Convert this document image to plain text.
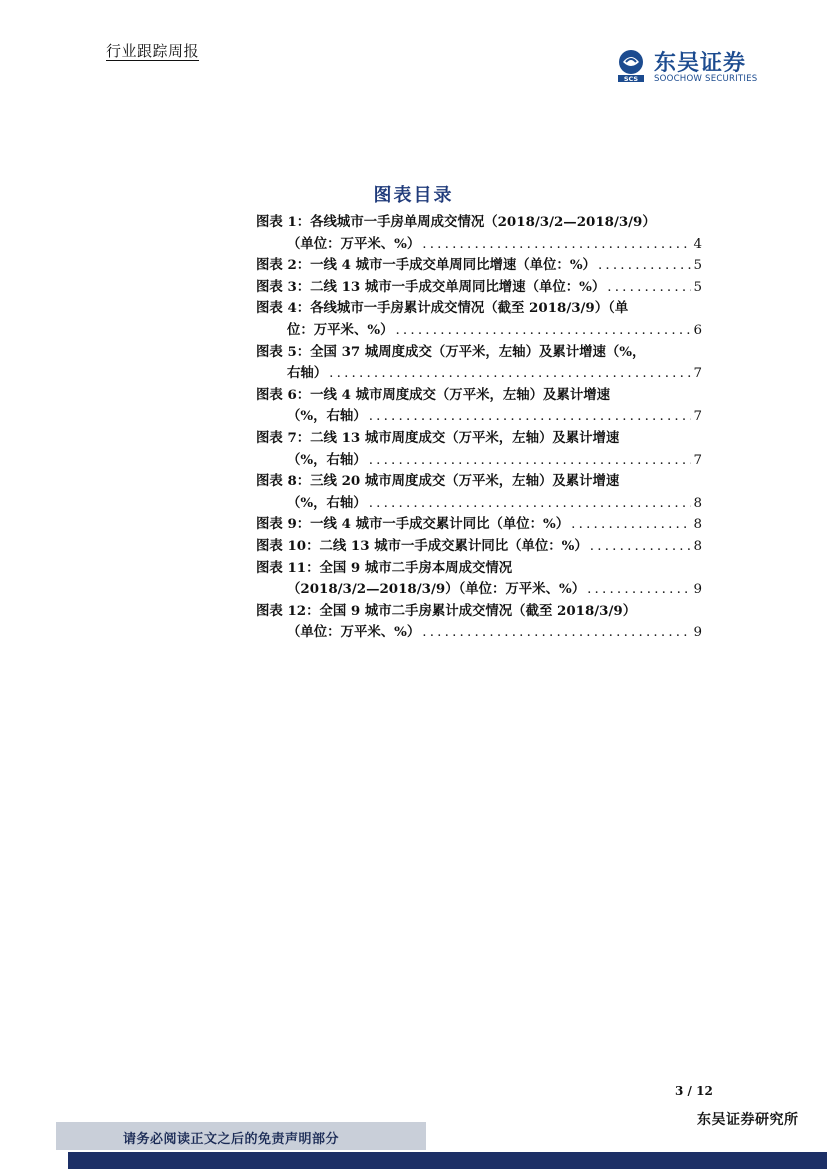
行业跟踪周报
SCS
东吴证券
SOOCHOW SECURITIES
图表目录
图表 1：各线城市一手房单周成交情况（2018/3/2—2018/3/9）
（单位：万平米、%） .....	4
图表 2：一线 4 城市一手成交单周同比增速（单位：%） .....	5
图表 3：二线 13 城市一手成交单周同比增速（单位：%） .....	5
图表 4：各线城市一手房累计成交情况（截至 2018/3/9）（单
位：万平米、%） .....	6
图表 5：全国 37 城周度成交（万平米，左轴）及累计增速（%，
右轴） .....	7
图表 6：一线 4 城市周度成交（万平米，左轴）及累计增速
（%，右轴） .....	7
图表 7：二线 13 城市周度成交（万平米，左轴）及累计增速
（%，右轴） .....	7
图表 8：三线 20 城市周度成交（万平米，左轴）及累计增速
（%，右轴） .....	8
图表 9：一线 4 城市一手成交累计同比（单位：%） .....	8
图表 10：二线 13 城市一手成交累计同比（单位：%） .....	8
图表 11：全国 9 城市二手房本周成交情况
（2018/3/2—2018/3/9）（单位：万平米、%） .....	9
图表 12：全国 9 城市二手房累计成交情况（截至 2018/3/9）
（单位：万平米、%） .....	9
3 / 12
东吴证券研究所
请务必阅读正文之后的免责声明部分
